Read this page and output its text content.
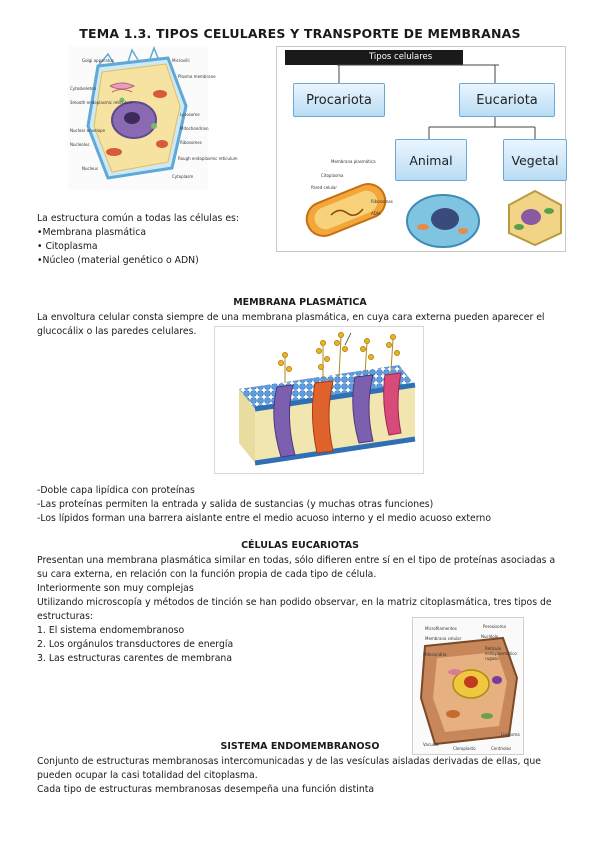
TEMA 1.3. TIPOS CELULARES Y TRANSPORTE DE MEMBRANAS
Golgi apparatus	Microvilli
Cytoskeleton
Plasma membrane
Smooth endoplasmic reticulum
Lysosome
Nuclear envelope	Mitochondrion
Nucleolus	Ribosomes
Nucleus
Rough endoplasmic reticulum
Cytoplasm
Tipos celulares
Procariota	Eucariota
Animal	Vegetal
Membrana plasmática
Citoplasma
Pared celular
Ribosomas
ADN
La estructura común a todas las células es:
•Membrana plasmática
• Citoplasma
•Núcleo (material genético o ADN)
MEMBRANA PLASMÁTICA
La envoltura celular consta siempre de una membrana plasmática, en cuya cara externa pueden aparecer el glucocálix o las paredes celulares.
-Doble capa lipídica con proteínas
-Las proteínas permiten la entrada y salida de sustancias (y muchas otras funciones)
-Los lípidos forman una barrera aislante entre el medio acuoso interno y el medio acuoso externo
CÉLULAS EUCARIOTAS
Presentan una membrana plasmática similar en todas, sólo difieren entre sí en el tipo de proteínas asociadas a su cara externa, en relación con la función propia de cada tipo de célula.
Interiormente son muy complejas
Utilizando microscopía y métodos de tinción se han podido observar, en la matriz citoplasmática, tres tipos de estructuras:
1. El sistema endomembranoso
2. Los orgánulos transductores de energía
3. Las estructuras carentes de membrana
Microfilamentos	Peroxisoma
Membrana celular	Nucléolo
Mitocondria
Retículo endoplasmático rugoso
Vacuola
Cloroplasto	Centriolos
Lisosoma
SISTEMA ENDOMEMBRANOSO
Conjunto de estructuras membranosas intercomunicadas y de las vesículas aisladas derivadas de ellas, que pueden ocupar la casi totalidad del citoplasma.
Cada tipo de estructuras membranosas desempeña una función distinta
